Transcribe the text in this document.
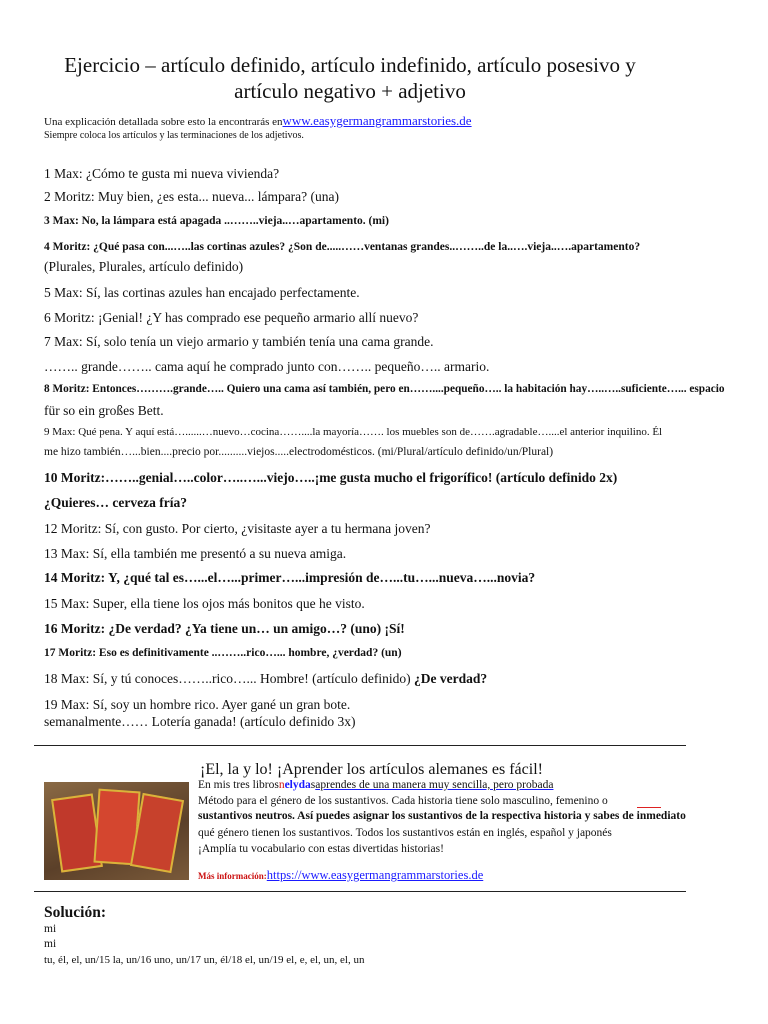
Ejercicio – artículo definido, artículo indefinido, artículo posesivo y
artículo negativo + adjetivo
Una explicación detallada sobre esto la encontrarás enwww.easygermangrammarstories.de
Siempre coloca los artículos y las terminaciones de los adjetivos.
1 Max: ¿Cómo te gusta mi nueva vivienda?
2 Moritz: Muy bien, ¿es esta... nueva... lámpara? (una)
3 Max: No, la lámpara está apagada ..……..vieja..…apartamento. (mi)
4 Moritz: ¿Qué pasa con...…..las cortinas azules? ¿Son de.....……ventanas grandes..……..de la..….vieja..….apartamento?
(Plurales, Plurales, artículo definido)
5 Max: Sí, las cortinas azules han encajado perfectamente.
6 Moritz: ¡Genial! ¿Y has comprado ese pequeño armario allí nuevo?
7 Max: Sí, solo tenía un viejo armario y también tenía una cama grande.
…….. grande…….. cama aquí he comprado junto con…….. pequeño….. armario.
8 Moritz: Entonces……….grande….. Quiero una cama así también, pero en……....pequeño….. la habitación hay…..…..suficiente…... espacio
für so ein großes Bett.
9 Max: Qué pena. Y aquí está…......…nuevo…cocina……....la mayoría……. los muebles son de…….agradable…....el anterior inquilino. Él
me hizo también…...bien....precio por..........viejos.....electrodomésticos. (mi/Plural/artículo definido/un/Plural)
10 Moritz:……..genial…..color…..…...viejo…..¡me gusta mucho el frigorífico! (artículo definido 2x)
¿Quieres… cerveza fría?
12 Moritz: Sí, con gusto. Por cierto, ¿visitaste ayer a tu hermana joven?
13 Max: Sí, ella también me presentó a su nueva amiga.
14 Moritz: Y, ¿qué tal es…...el…...primer…...impresión de…...tu…...nueva…...novia?
15 Max: Super, ella tiene los ojos más bonitos que he visto.
16 Moritz: ¿De verdad? ¿Ya tiene un… un amigo…? (uno) ¡Sí!
17 Moritz: Eso es definitivamente ..……..rico…... hombre, ¿verdad? (un)
18 Max: Sí, y tú conoces……..rico…... Hombre! (artículo definido) ¿De verdad?
19 Max: Sí, soy un hombre rico. Ayer gané un gran bote.
semanalmente…… Lotería ganada! (artículo definido 3x)
¡El, la y lo! ¡Aprender los artículos alemanes es fácil!
En mis tres librosnelydasaprendes de una manera muy sencilla, pero probada
Método para el género de los sustantivos. Cada historia tiene solo masculino, femenino o
sustantivos neutros. Así puedes asignar los sustantivos de la respectiva historia y sabes de inmediato
qué género tienen los sustantivos. Todos los sustantivos están en inglés, español y japonés
¡Amplía tu vocabulario con estas divertidas historias!
Más información:https://www.easygermangrammarstories.de
Solución:
mi
mi
tu, él, el, un/15 la, un/16 uno, un/17 un, él/18 el, un/19 el, e, el, un, el, un
